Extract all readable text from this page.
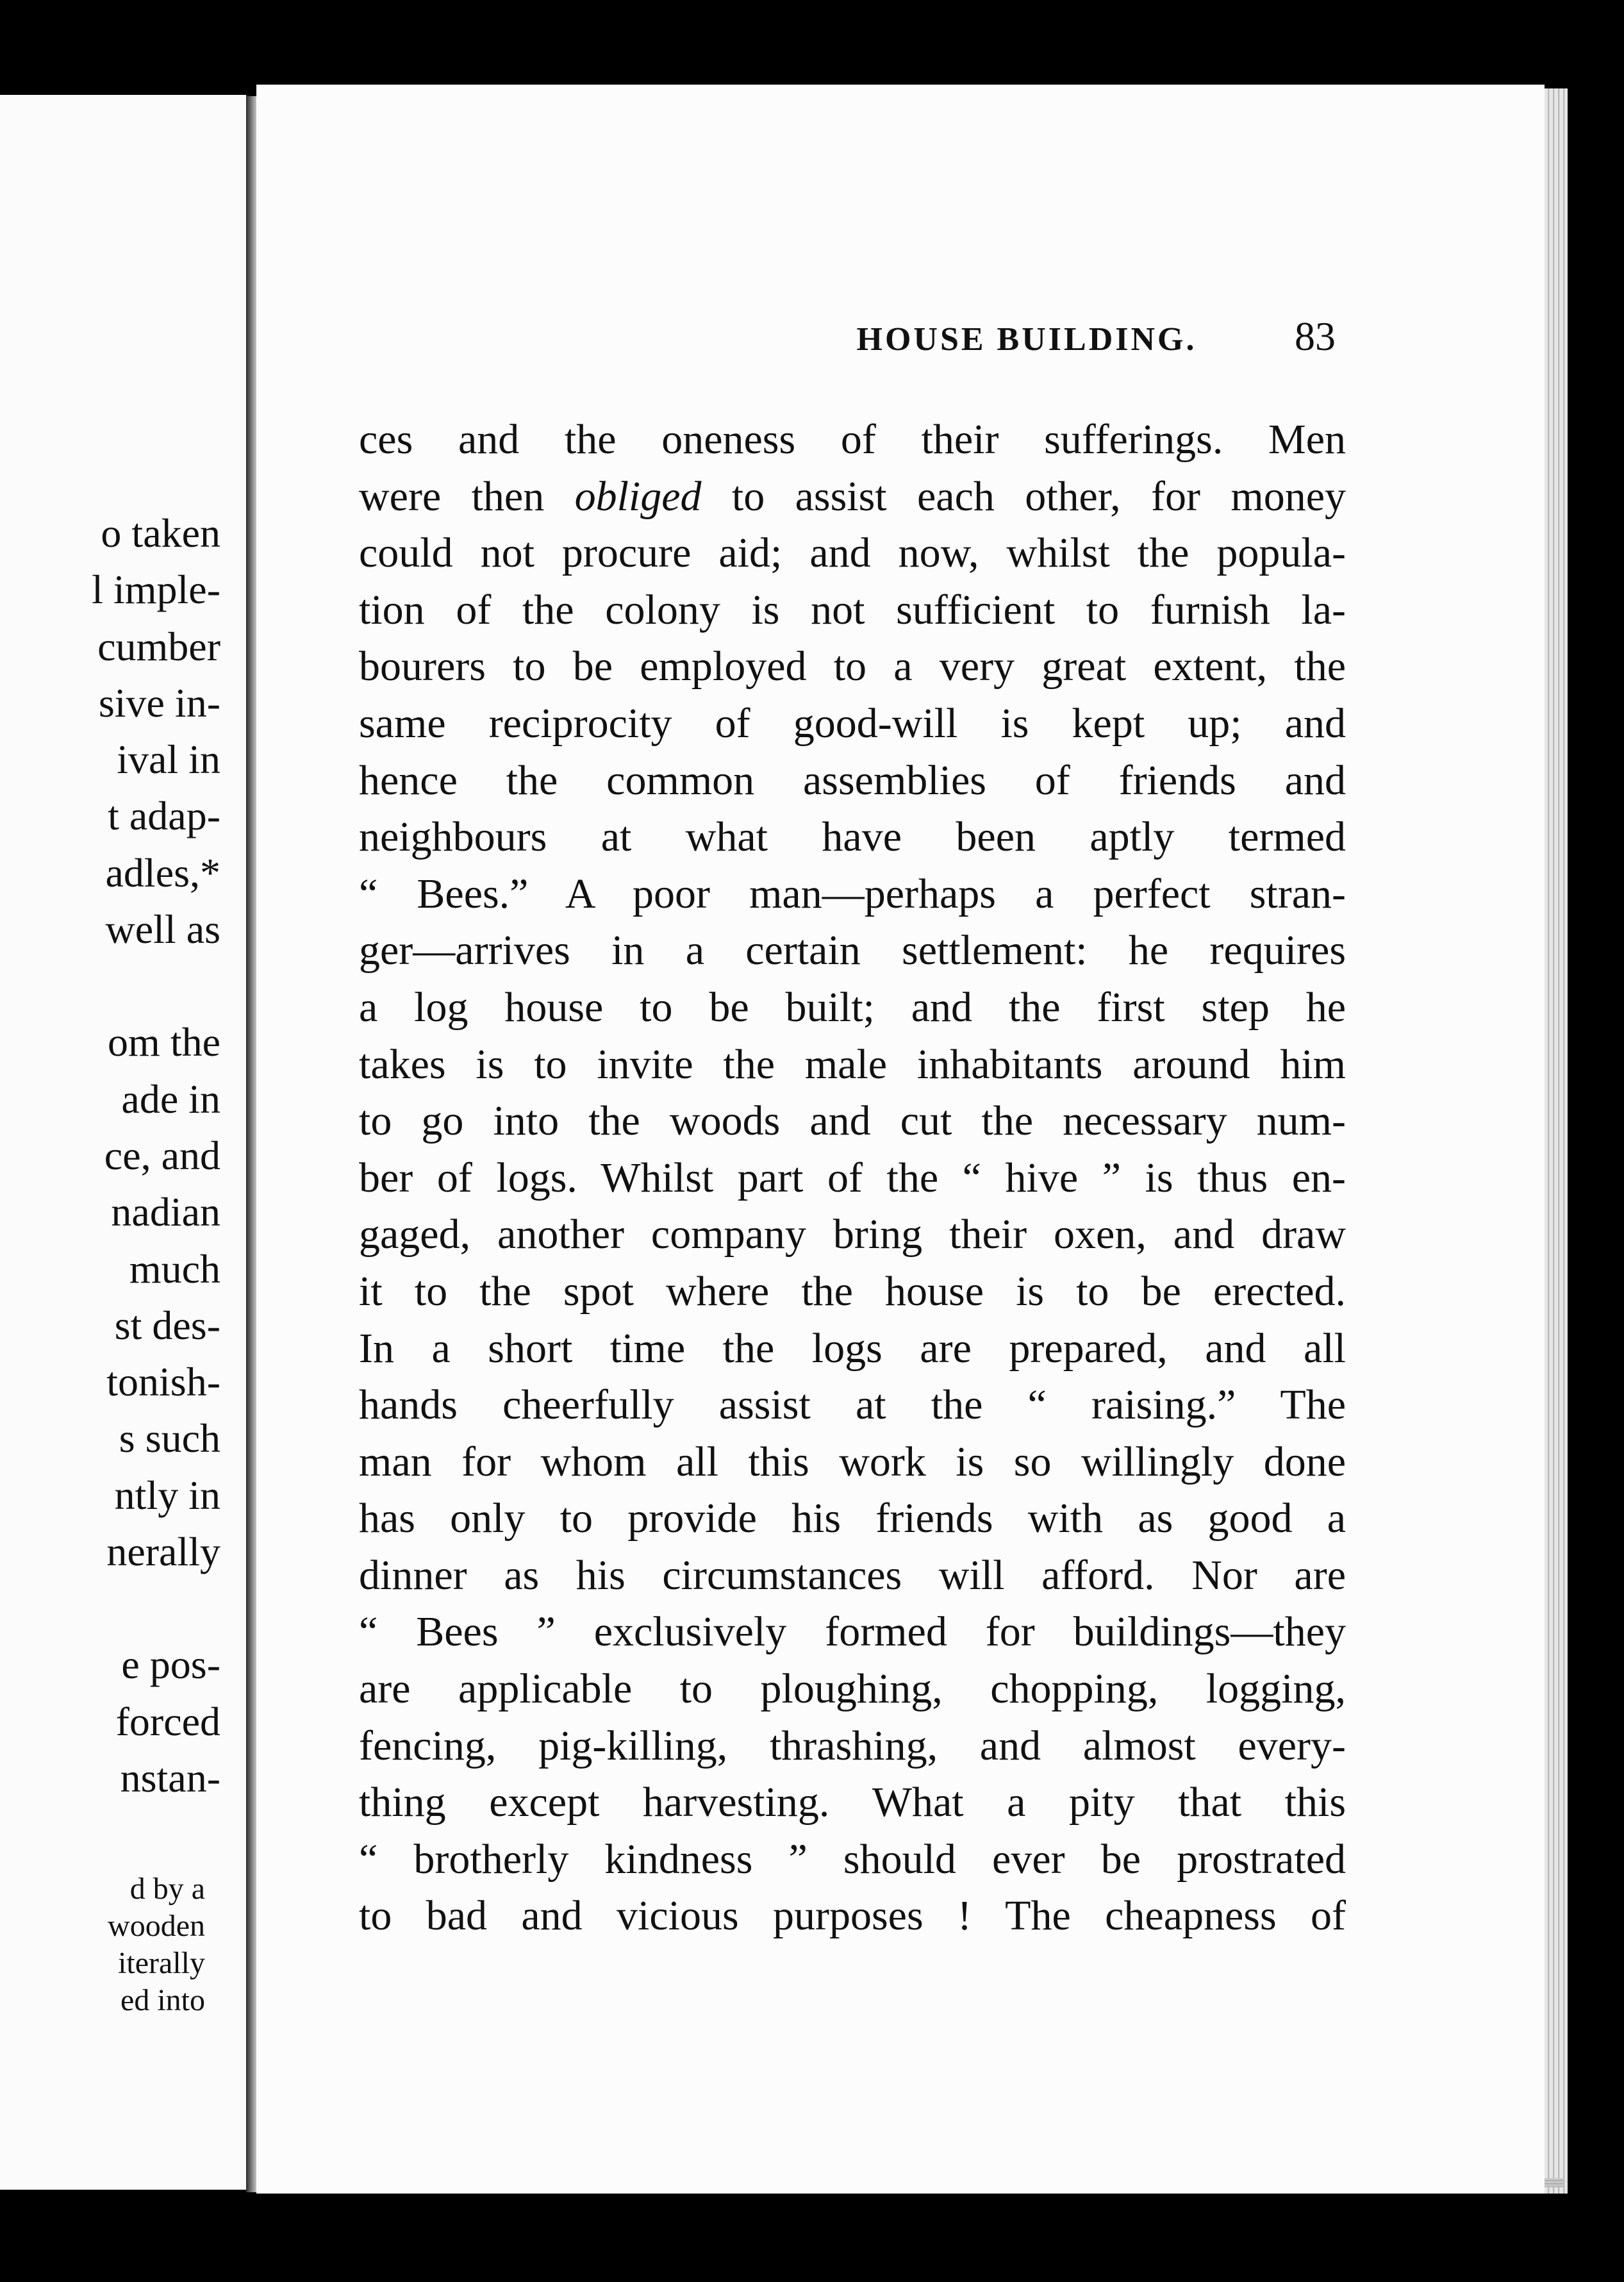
o taken
l imple-
cumber
sive in-
ival in
t adap-
adles,*
well as
om the
ade in
ce, and
nadian
much
st des-
tonish-
s such
ntly in
nerally
e pos-
forced
nstan-
d by a
wooden
iterally
ed into
HOUSE BUILDING.	83
ces and the oneness of their sufferings. Men
were then obliged to assist each other, for money
could not procure aid; and now, whilst the popula-
tion of the colony is not sufficient to furnish la-
bourers to be employed to a very great extent, the
same reciprocity of good-will is kept up; and
hence the common assemblies of friends and
neighbours at what have been aptly termed
“ Bees.” A poor man—perhaps a perfect stran-
ger—arrives in a certain settlement: he requires
a log house to be built; and the first step he
takes is to invite the male inhabitants around him
to go into the woods and cut the necessary num-
ber of logs. Whilst part of the “ hive ” is thus en-
gaged, another company bring their oxen, and draw
it to the spot where the house is to be erected.
In a short time the logs are prepared, and all
hands cheerfully assist at the “ raising.” The
man for whom all this work is so willingly done
has only to provide his friends with as good a
dinner as his circumstances will afford. Nor are
“ Bees ” exclusively formed for buildings—they
are applicable to ploughing, chopping, logging,
fencing, pig-killing, thrashing, and almost every-
thing except harvesting. What a pity that this
“ brotherly kindness ” should ever be prostrated
to bad and vicious purposes ! The cheapness of
